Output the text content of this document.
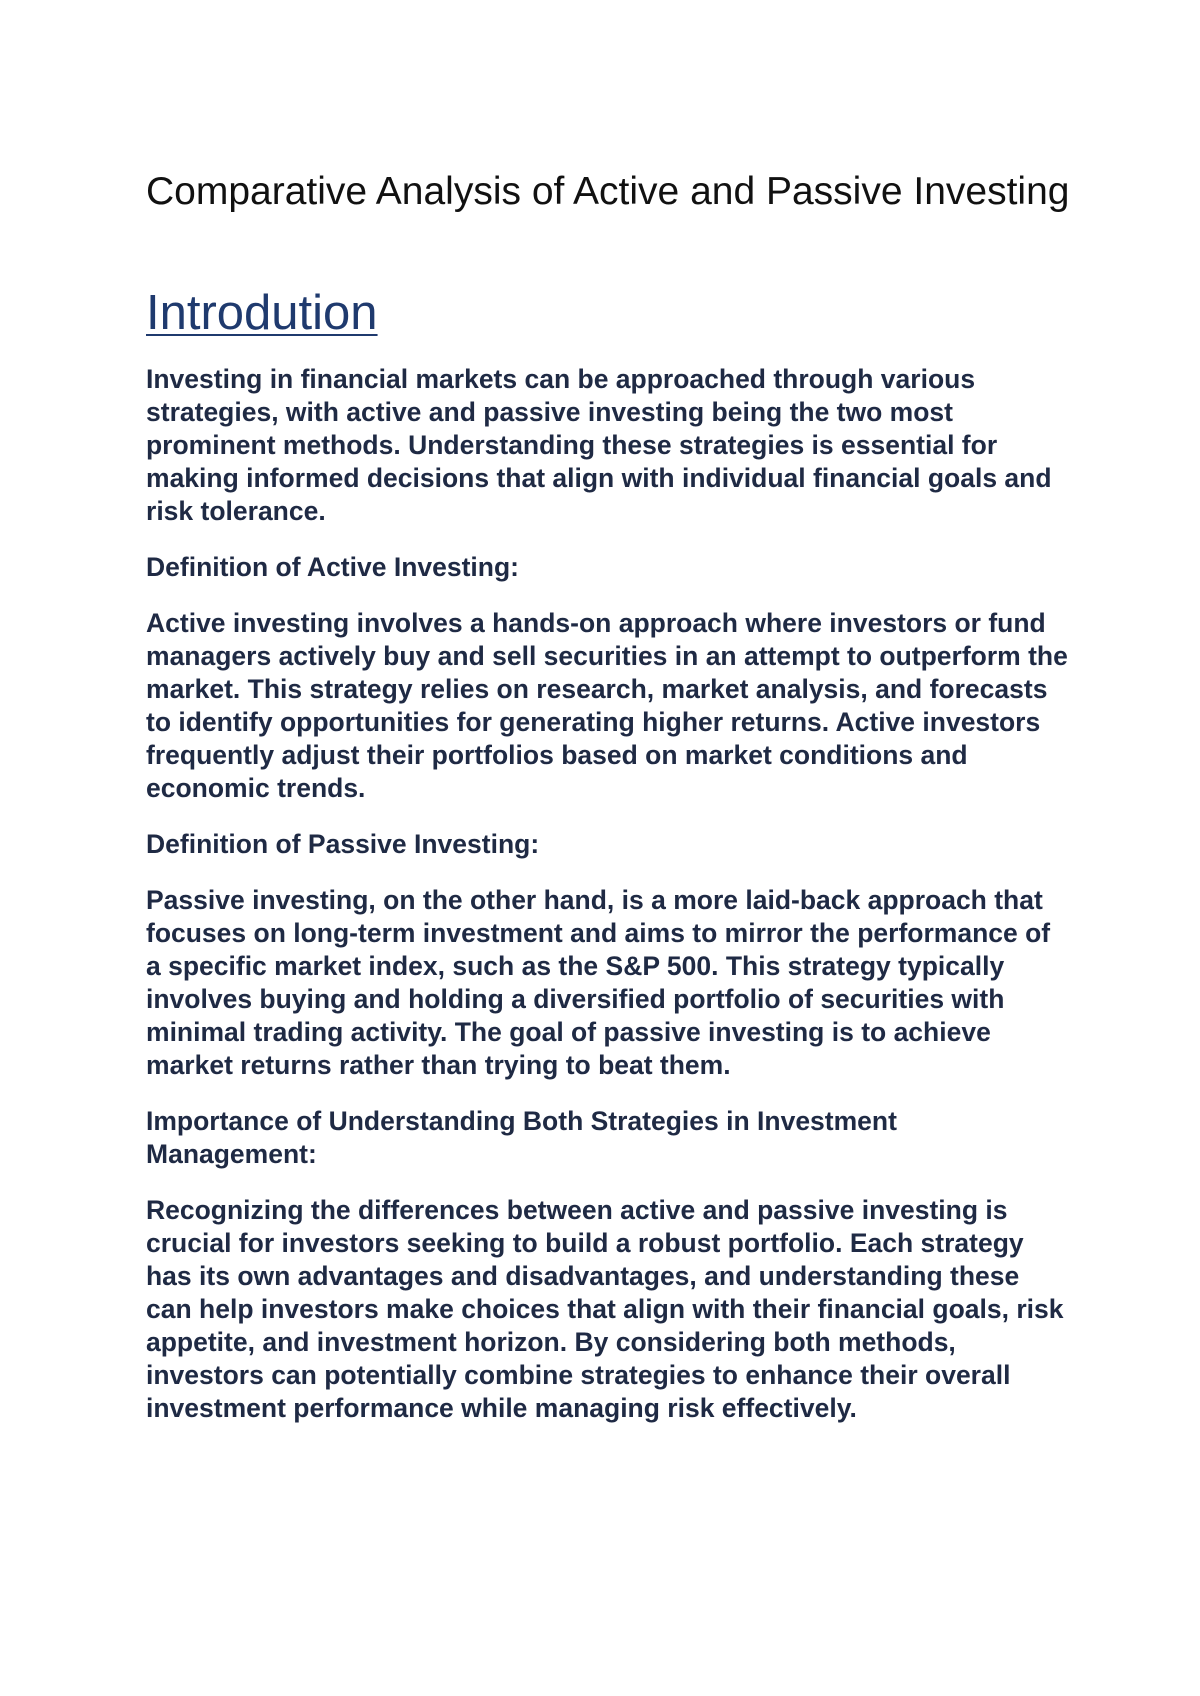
Comparative Analysis of Active and Passive Investing
Introdution

Investing in financial markets can be approached through various strategies, with active and passive investing being the two most prominent methods. Understanding these strategies is essential for making informed decisions that align with individual financial goals and risk tolerance.

Definition of Active Investing:

Active investing involves a hands-on approach where investors or fund managers actively buy and sell securities in an attempt to outperform the market. This strategy relies on research, market analysis, and forecasts to identify opportunities for generating higher returns. Active investors frequently adjust their portfolios based on market conditions and economic trends.

Definition of Passive Investing:

Passive investing, on the other hand, is a more laid-back approach that focuses on long-term investment and aims to mirror the performance of a specific market index, such as the S&P 500. This strategy typically involves buying and holding a diversified portfolio of securities with minimal trading activity. The goal of passive investing is to achieve market returns rather than trying to beat them.

Importance of Understanding Both Strategies in Investment Management:

Recognizing the differences between active and passive investing is crucial for investors seeking to build a robust portfolio. Each strategy has its own advantages and disadvantages, and understanding these can help investors make choices that align with their financial goals, risk appetite, and investment horizon. By considering both methods, investors can potentially combine strategies to enhance their overall investment performance while managing risk effectively.
